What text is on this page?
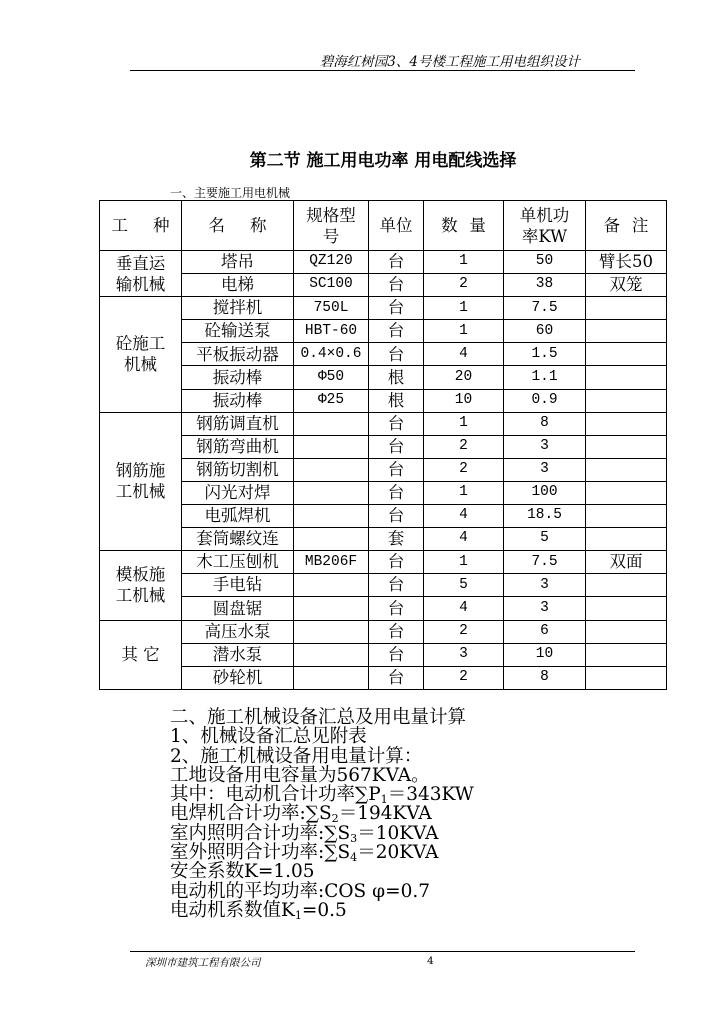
碧海红树园3、4号楼工程施工用电组织设计
第二节 施工用电功率 用电配线选择
一、主要施工用电机械
工 种	名 称	规格型号	单位	数 量	单机功率KW	备 注
垂直运输机械	塔吊	QZ120	台	1	50	臂长50
	电梯	SC100	台	2	38	双笼
砼施工机械	搅拌机	750L	台	1	7.5	
	砼输送泵	HBT-60	台	1	60	
	平板振动器	0.4×0.6	台	4	1.5	
	振动棒	Φ50	根	20	1.1	
	振动棒	Φ25	根	10	0.9	
钢筋施工机械	钢筋调直机		台	1	8	
	钢筋弯曲机		台	2	3	
	钢筋切割机		台	2	3	
	闪光对焊		台	1	100	
	电弧焊机		台	4	18.5	
	套筒螺纹连		套	4	5	
模板施工机械	木工压刨机	MB206F	台	1	7.5	双面
	手电钻		台	5	3	
	圆盘锯		台	4	3	
其 它	高压水泵		台	2	6	
	潜水泵		台	3	10	
	砂轮机		台	2	8	
二、施工机械设备汇总及用电量计算
1、机械设备汇总见附表
2、施工机械设备用电量计算：
工地设备用电容量为567KVA。
其中：电动机合计功率∑P1＝343KW
电焊机合计功率:∑S2＝194KVA
室内照明合计功率:∑S3＝10KVA
室外照明合计功率:∑S4＝20KVA
安全系数K=1.05
电动机的平均功率:COS φ=0.7
电动机系数值K1=0.5
深圳市建筑工程有限公司	4
